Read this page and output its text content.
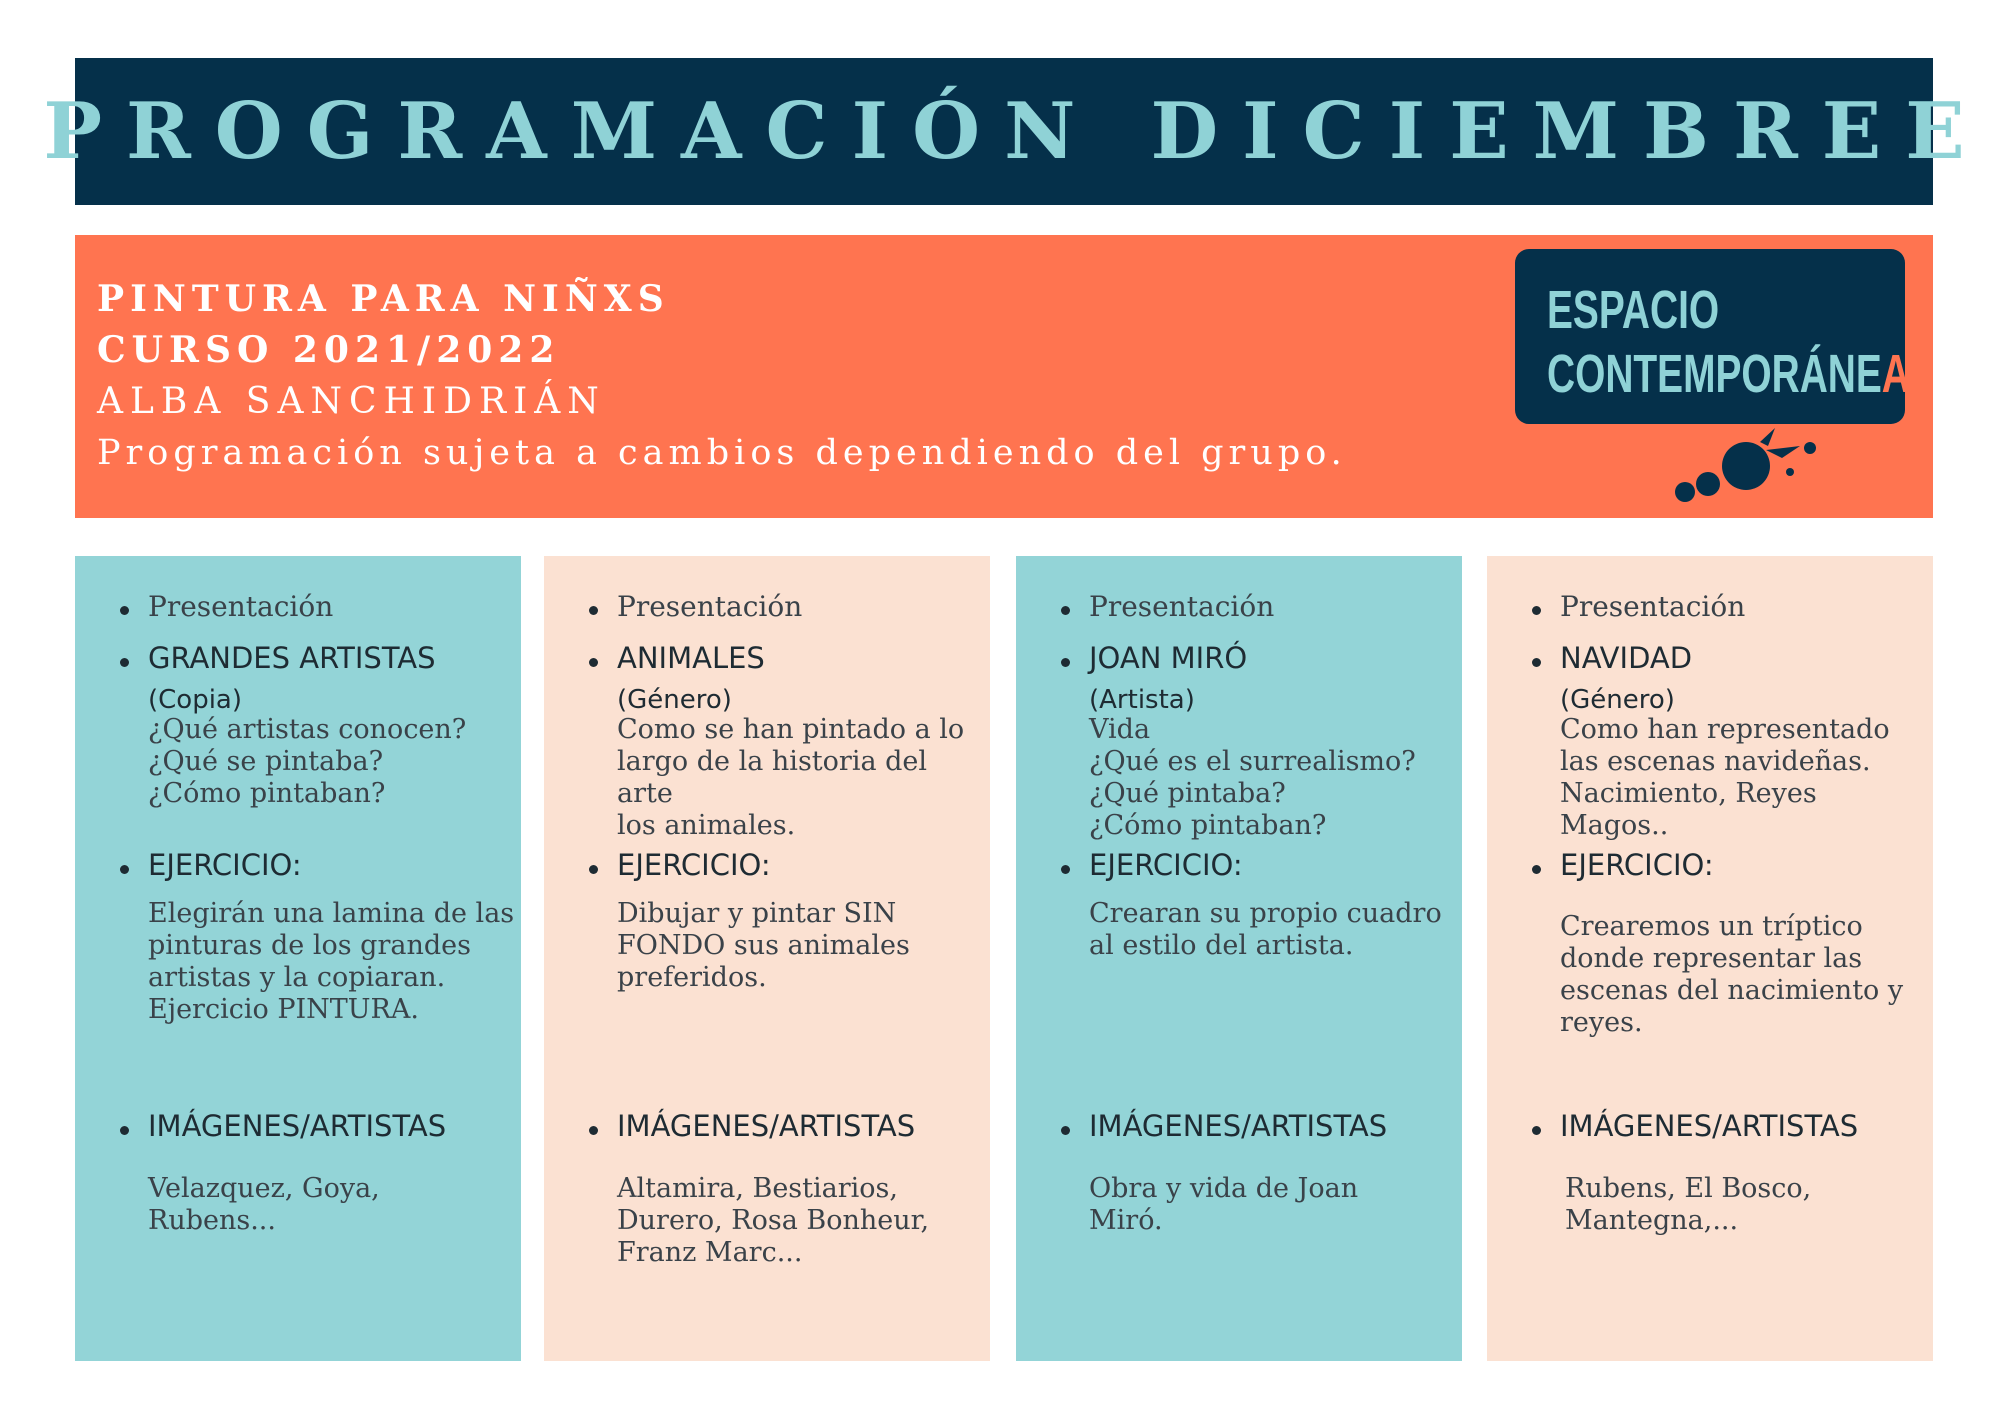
PROGRAMACIÓN DICIEMBREE
PINTURA PARA NIÑXS
CURSO 2021/2022
ALBA SANCHIDRIÁN
Programación sujeta a cambios dependiendo del grupo.
ESPACIO
CONTEMPORÁNEA
Presentación
GRANDES ARTISTAS
(Copia)
¿Qué artistas conocen?
¿Qué se pintaba?
¿Cómo pintaban?
EJERCICIO:
Elegirán una lamina de las
pinturas de los grandes
artistas y la copiaran.
Ejercicio PINTURA.
IMÁGENES/ARTISTAS
Velazquez, Goya,
Rubens...
Presentación
ANIMALES
(Género)
Como se han pintado a lo
largo de la historia del arte
los animales.
EJERCICIO:
Dibujar y pintar SIN
FONDO sus animales
preferidos.
IMÁGENES/ARTISTAS
Altamira, Bestiarios,
Durero, Rosa Bonheur,
Franz Marc...
Presentación
JOAN MIRÓ
(Artista)
Vida
¿Qué es el surrealismo?
¿Qué pintaba?
¿Cómo pintaban?
EJERCICIO:
Crearan su propio cuadro
al estilo del artista.
IMÁGENES/ARTISTAS
Obra y vida de Joan
Miró.
Presentación
NAVIDAD
(Género)
Como han representado
las escenas navideñas.
Nacimiento, Reyes Magos..
EJERCICIO:
Crearemos un tríptico
donde representar las
escenas del nacimiento y
reyes.
IMÁGENES/ARTISTAS
Rubens, El Bosco,
Mantegna,...
